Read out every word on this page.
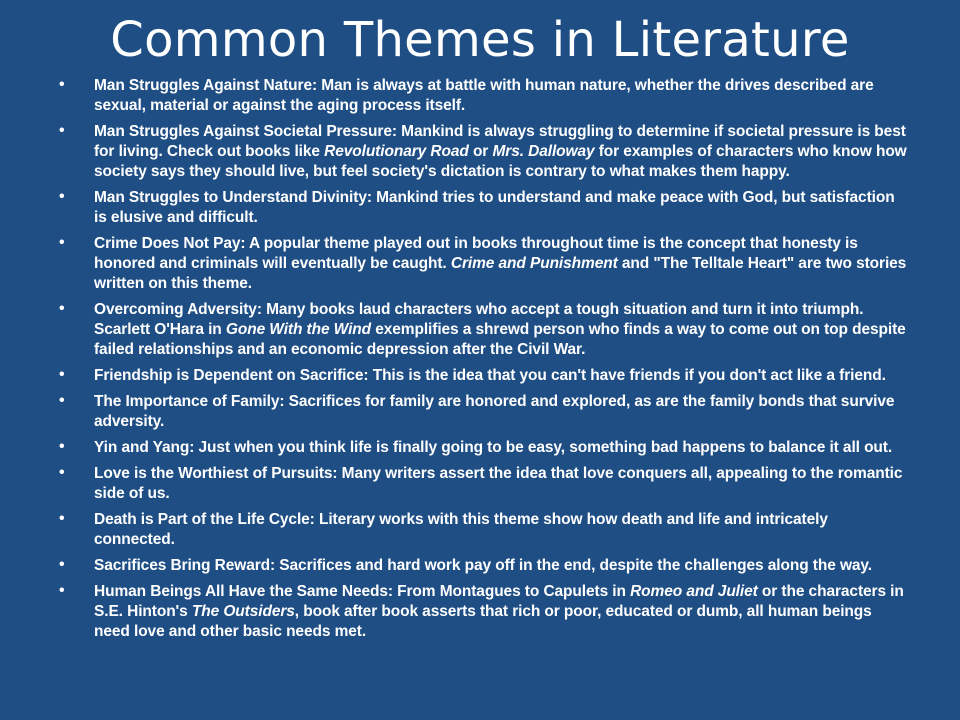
Common Themes in Literature
• Man Struggles Against Nature: Man is always at battle with human nature, whether the drives described are sexual, material or against the aging process itself.
• Man Struggles Against Societal Pressure: Mankind is always struggling to determine if societal pressure is best for living. Check out books like Revolutionary Road or Mrs. Dalloway for examples of characters who know how society says they should live, but feel society's dictation is contrary to what makes them happy.
• Man Struggles to Understand Divinity: Mankind tries to understand and make peace with God, but satisfaction is elusive and difficult.
• Crime Does Not Pay: A popular theme played out in books throughout time is the concept that honesty is honored and criminals will eventually be caught. Crime and Punishment and "The Telltale Heart" are two stories written on this theme.
• Overcoming Adversity: Many books laud characters who accept a tough situation and turn it into triumph. Scarlett O'Hara in Gone With the Wind exemplifies a shrewd person who finds a way to come out on top despite failed relationships and an economic depression after the Civil War.
• Friendship is Dependent on Sacrifice: This is the idea that you can't have friends if you don't act like a friend.
• The Importance of Family: Sacrifices for family are honored and explored, as are the family bonds that survive adversity.
• Yin and Yang: Just when you think life is finally going to be easy, something bad happens to balance it all out.
• Love is the Worthiest of Pursuits: Many writers assert the idea that love conquers all, appealing to the romantic side of us.
• Death is Part of the Life Cycle: Literary works with this theme show how death and life and intricately connected.
• Sacrifices Bring Reward: Sacrifices and hard work pay off in the end, despite the challenges along the way.
• Human Beings All Have the Same Needs: From Montagues to Capulets in Romeo and Juliet or the characters in S.E. Hinton's The Outsiders, book after book asserts that rich or poor, educated or dumb, all human beings need love and other basic needs met.
